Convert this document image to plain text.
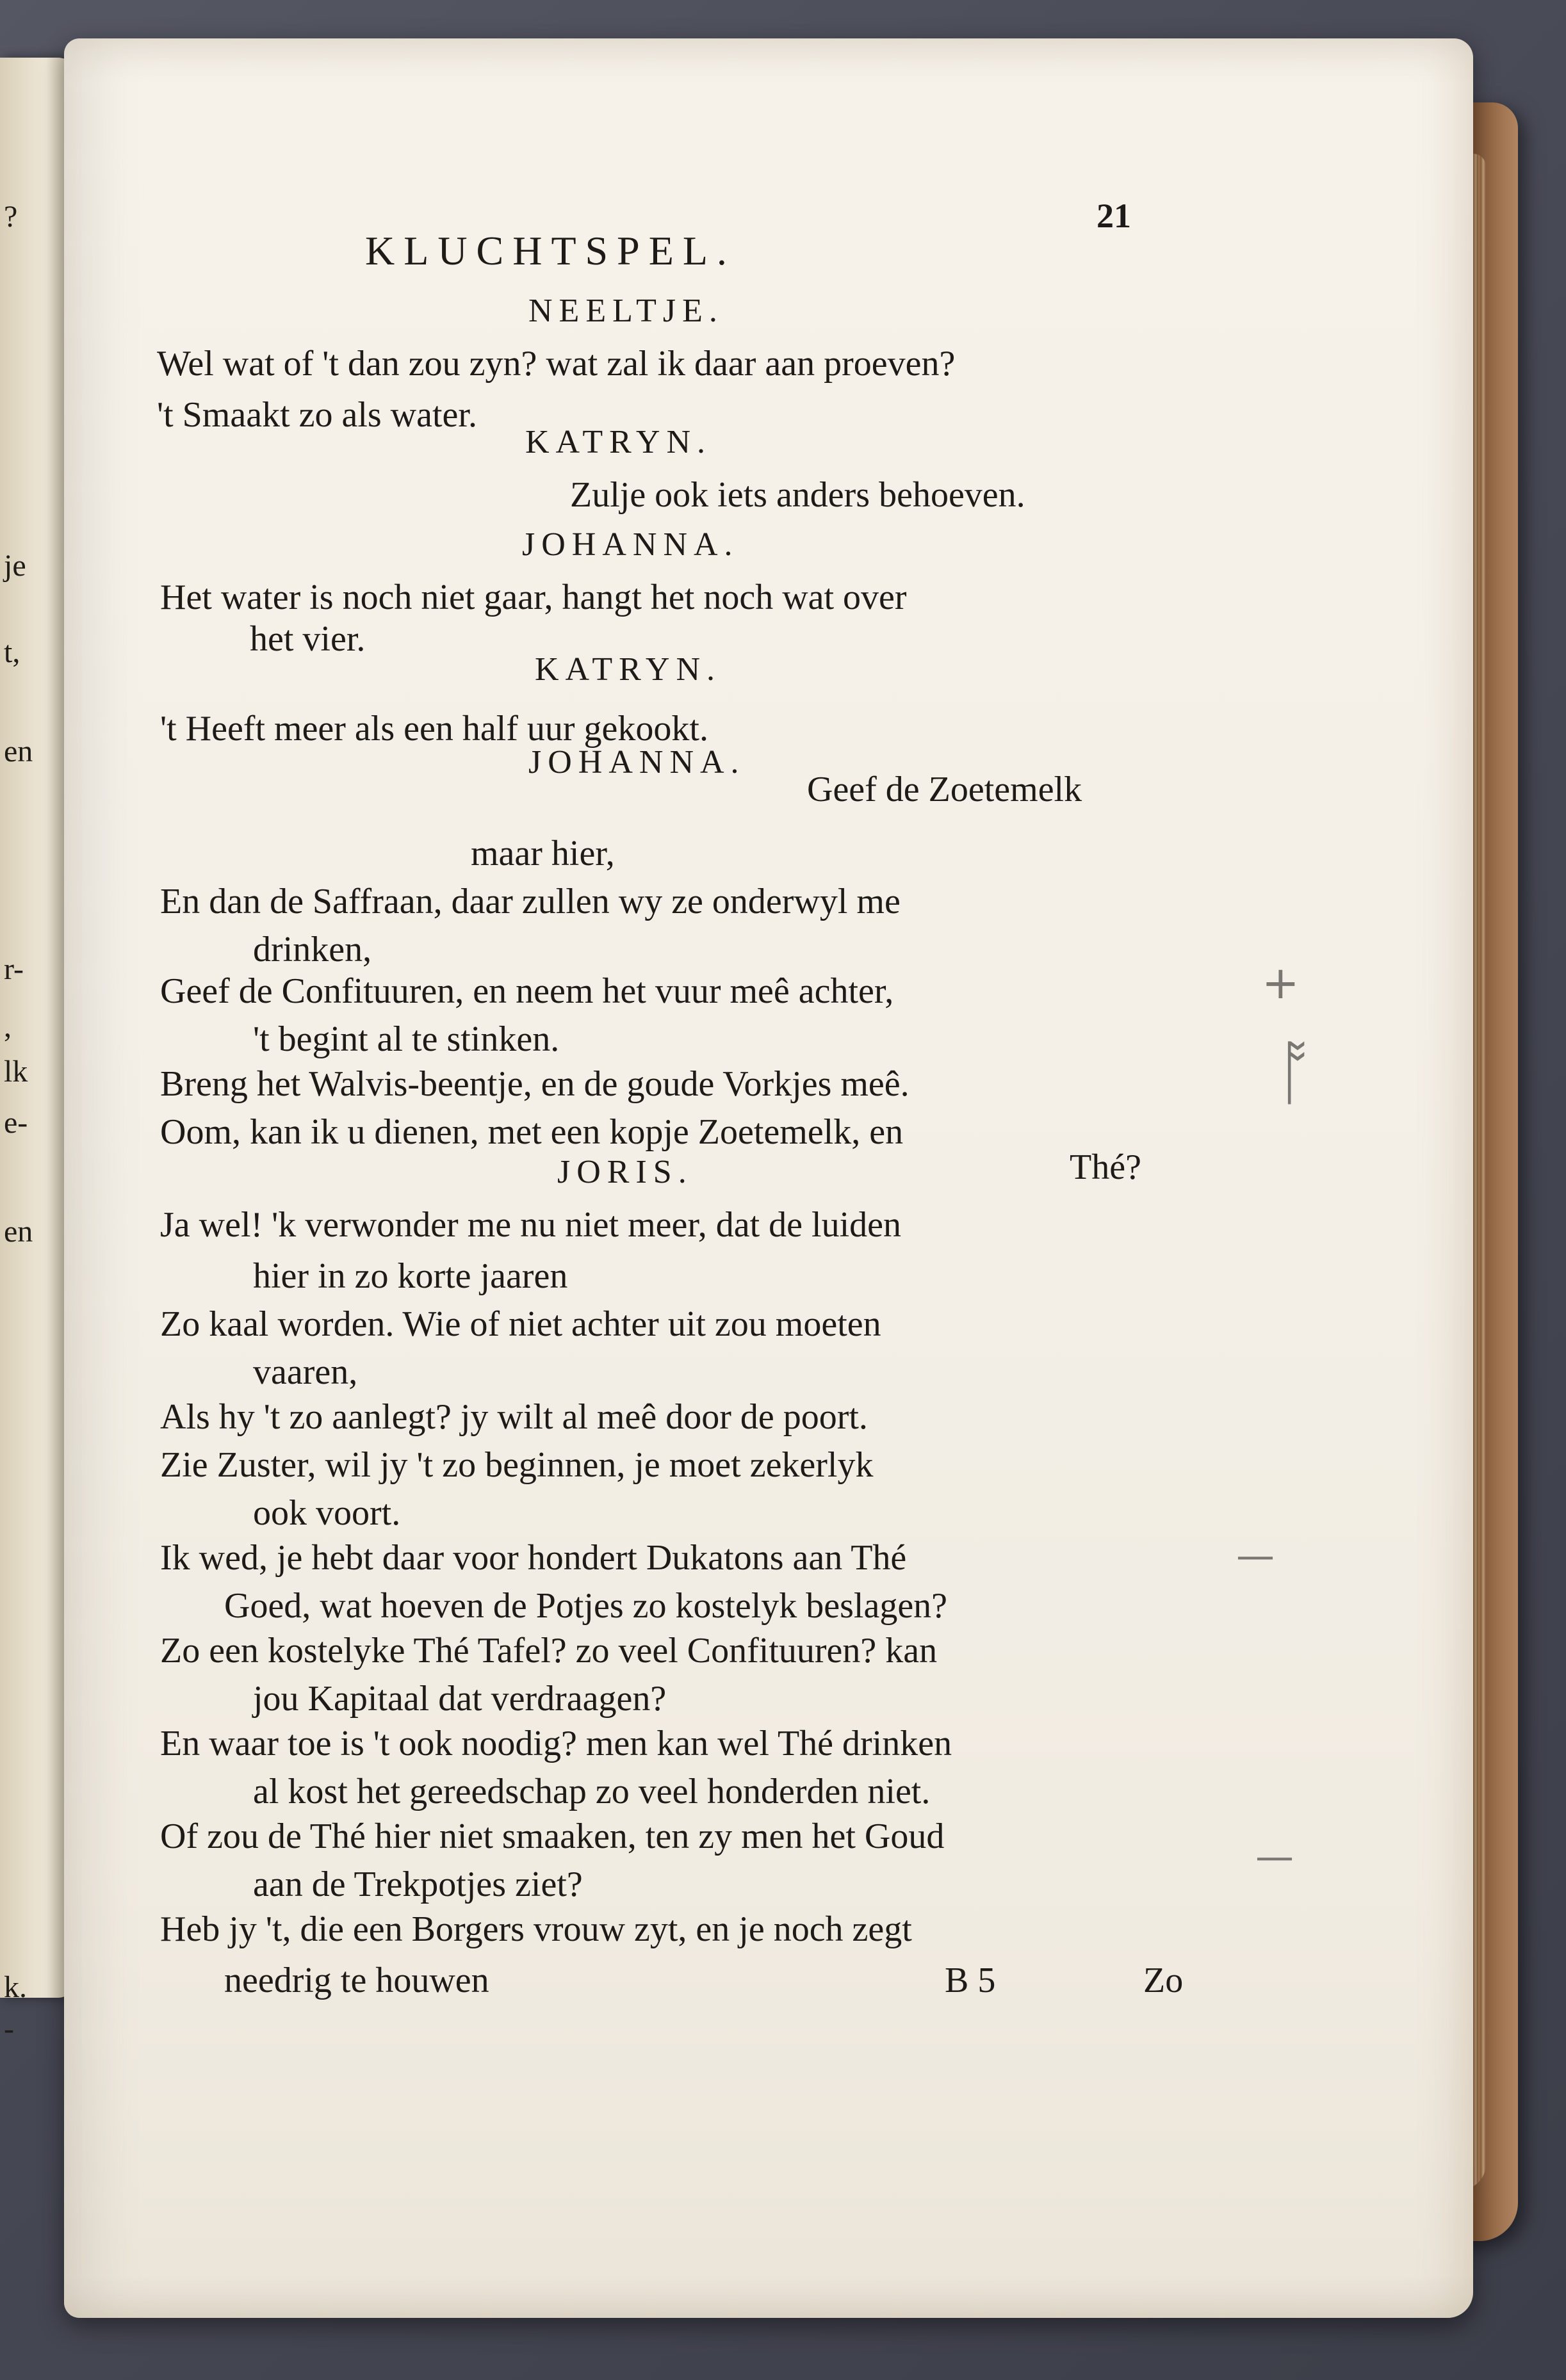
?
je
t,
en
r-
,
lk
e-
en
k.
-
KLUCHTSPEL.
21
NEELTJE.
Wel wat of 't dan zou zyn? wat zal ik daar aan proeven?
't Smaakt zo als water.
KATRYN.
Zulje ook iets anders behoeven.
JOHANNA.
Het water is noch niet gaar, hangt het noch wat over
het vier.
KATRYN.
't Heeft meer als een half uur gekookt.
JOHANNA.
Geef de Zoetemelk
maar hier,
En dan de Saffraan, daar zullen wy ze onderwyl me
drinken,
Geef de Confituuren, en neem het vuur meê achter,
't begint al te stinken.
Breng het Walvis-beentje, en de goude Vorkjes meê.
Oom, kan ik u dienen, met een kopje Zoetemelk, en
Thé?
JORIS.
Ja wel! 'k verwonder me nu niet meer, dat de luiden
hier in zo korte jaaren
Zo kaal worden. Wie of niet achter uit zou moeten
vaaren,
Als hy 't zo aanlegt? jy wilt al meê door de poort.
Zie Zuster, wil jy 't zo beginnen, je moet zekerlyk
ook voort.
Ik wed, je hebt daar voor hondert Dukatons aan Thé
Goed, wat hoeven de Potjes zo kostelyk beslagen?
Zo een kostelyke Thé Tafel? zo veel Confituuren? kan
jou Kapitaal dat verdraagen?
En waar toe is 't ook noodig? men kan wel Thé drinken
al kost het gereedschap zo veel honderden niet.
Of zou de Thé hier niet smaaken, ten zy men het Goud
aan de Trekpotjes ziet?
Heb jy 't, die een Borgers vrouw zyt, en je noch zegt
needrig te houwen	B 5	Zo
+
ᚩ
—
—
